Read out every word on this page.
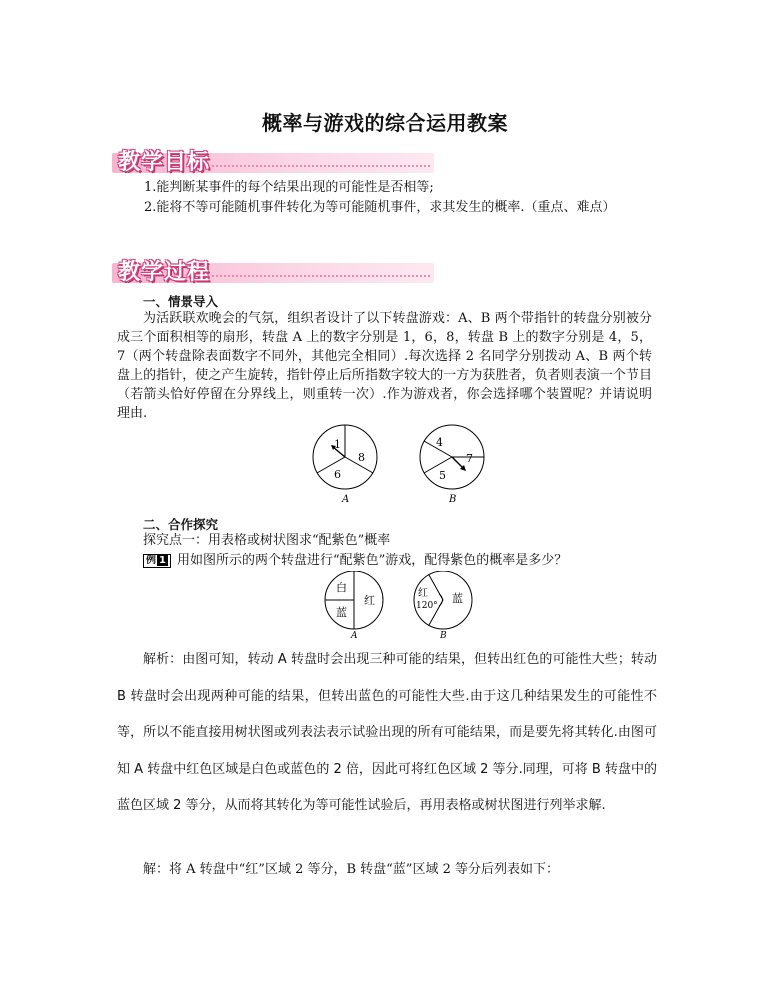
概率与游戏的综合运用教案
教学目标
1.能判断某事件的每个结果出现的可能性是否相等;
2.能将不等可能随机事件转化为等可能随机事件，求其发生的概率.（重点、难点）
教学过程
一、情景导入
为活跃联欢晚会的气氛，组织者设计了以下转盘游戏：A、B 两个带指针的转盘分别被分成三个面积相等的扇形，转盘 A 上的数字分别是 1，6，8，转盘 B 上的数字分别是 4，5，7（两个转盘除表面数字不同外，其他完全相同）.每次选择 2 名同学分别拨动 A、B 两个转盘上的指针，使之产生旋转，指针停止后所指数字较大的一方为获胜者，负者则表演一个节目（若箭头恰好停留在分界线上，则重转一次）.作为游戏者，你会选择哪个装置呢？并请说明理由.
1
8
6
A
4
7
5
B
二、合作探究
探究点一：用表格或树状图求“配紫色”概率
例 1 用如图所示的两个转盘进行“配紫色”游戏，配得紫色的概率是多少？
白
蓝
红
A
红
120°
蓝
B
解析：由图可知，转动 A 转盘时会出现三种可能的结果，但转出红色的可能性大些；转动 B 转盘时会出现两种可能的结果，但转出蓝色的可能性大些.由于这几种结果发生的可能性不等，所以不能直接用树状图或列表法表示试验出现的所有可能结果，而是要先将其转化.由图可知 A 转盘中红色区域是白色或蓝色的 2 倍，因此可将红色区域 2 等分.同理，可将 B 转盘中的蓝色区域 2 等分，从而将其转化为等可能性试验后，再用表格或树状图进行列举求解.
解：将 A 转盘中“红”区域 2 等分，B 转盘“蓝”区域 2 等分后列表如下：
